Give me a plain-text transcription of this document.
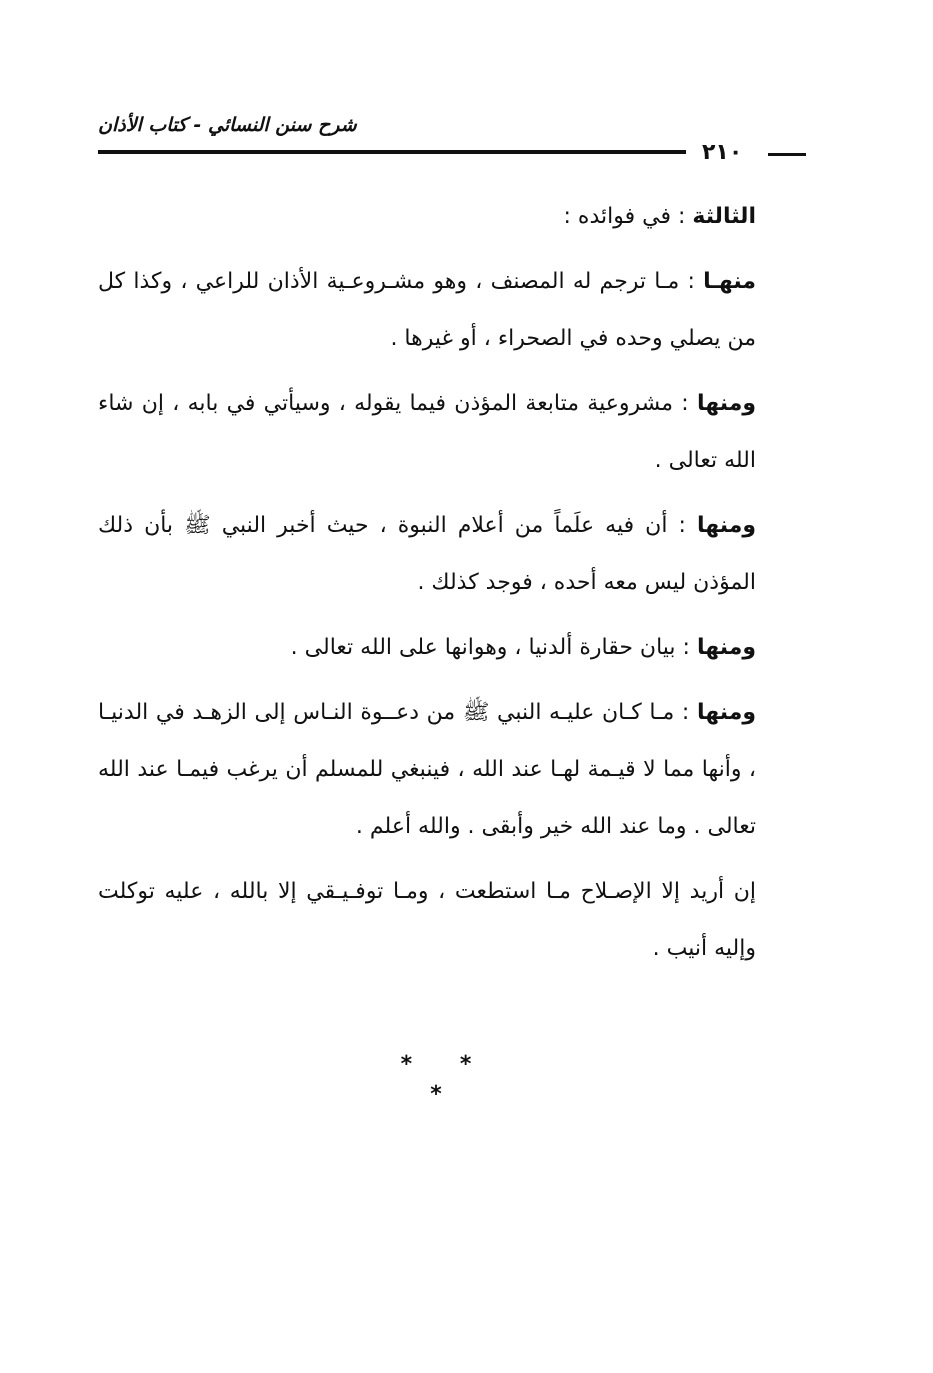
شرح سنن النسائي - كتاب الأذان
٢١٠

الثالثة : في فوائده :

منهـا : مـا ترجم له المصنف ، وهو مشـروعـية الأذان للراعي ، وكذا كل من يصلي وحده في الصحراء ، أو غيرها .

ومنها : مشروعية متابعة المؤذن فيما يقوله ، وسيأتي في بابه ، إن شاء الله تعالى .

ومنها : أن فيه علَماً من أعلام النبوة ، حيث أخبر النبي ﷺ بأن ذلك المؤذن ليس معه أحده ، فوجد كذلك .

ومنها : بيان حقارة ألدنيا ، وهوانها على الله تعالى .

ومنها : مـا كـان عليـه النبي ﷺ من دعــوة النـاس إلى الزهـد في الدنيـا ، وأنها مما لا قيـمة لهـا عند الله ، فينبغي للمسلم أن يرغب فيمـا عند الله تعالى . وما عند الله خير وأبقى . والله أعلم .

إن أريد إلا الإصـلاح مـا استطعت ، ومـا توفـيـقي إلا بالله ، عليه توكلت وإليه أنيب .

* * *
